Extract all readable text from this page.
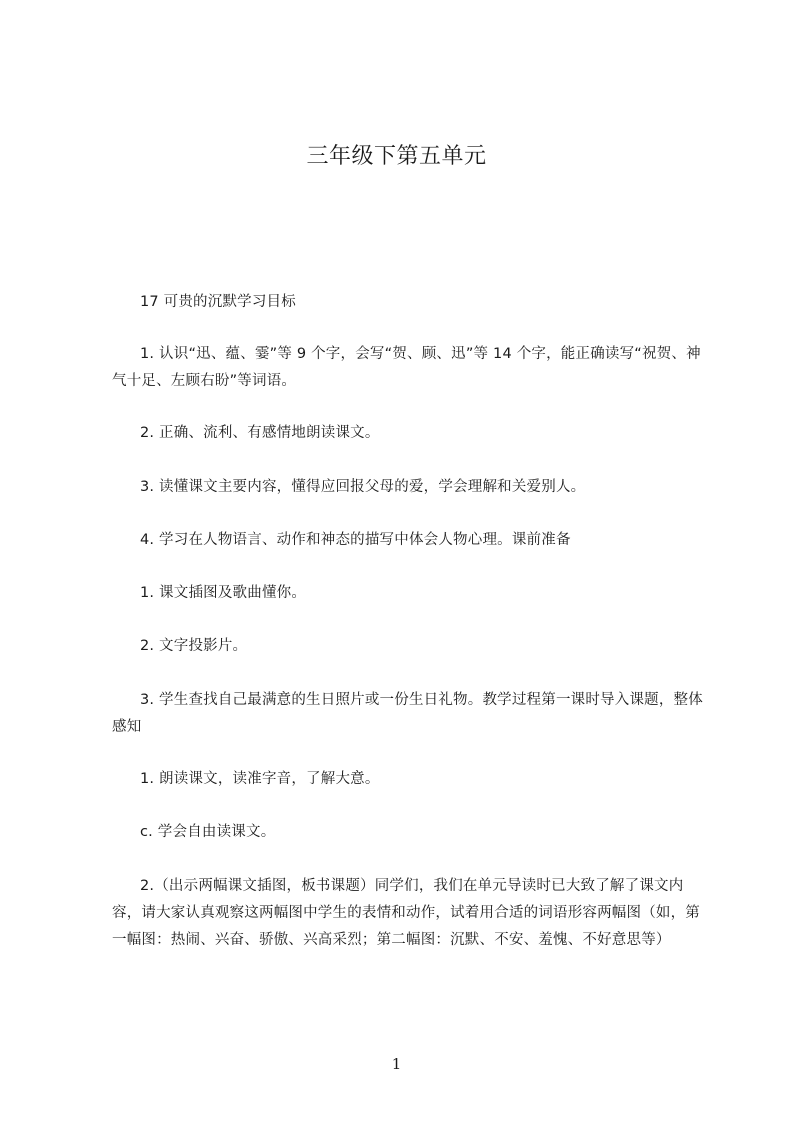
三年级下第五单元
17 可贵的沉默学习目标
1. 认识“迅、蕴、霎”等 9 个字，会写“贺、顾、迅”等 14 个字，能正确读写“祝贺、神气十足、左顾右盼”等词语。
2. 正确、流利、有感情地朗读课文。
3. 读懂课文主要内容，懂得应回报父母的爱，学会理解和关爱别人。
4. 学习在人物语言、动作和神态的描写中体会人物心理。课前准备
1. 课文插图及歌曲懂你。
2. 文字投影片。
3. 学生查找自己最满意的生日照片或一份生日礼物。教学过程第一课时导入课题，整体感知
1. 朗读课文，读准字音，了解大意。
c. 学会自由读课文。
2.（出示两幅课文插图，板书课题）同学们，我们在单元导读时已大致了解了课文内容，请大家认真观察这两幅图中学生的表情和动作，试着用合适的词语形容两幅图（如，第一幅图：热闹、兴奋、骄傲、兴高采烈；第二幅图：沉默、不安、羞愧、不好意思等）
1
